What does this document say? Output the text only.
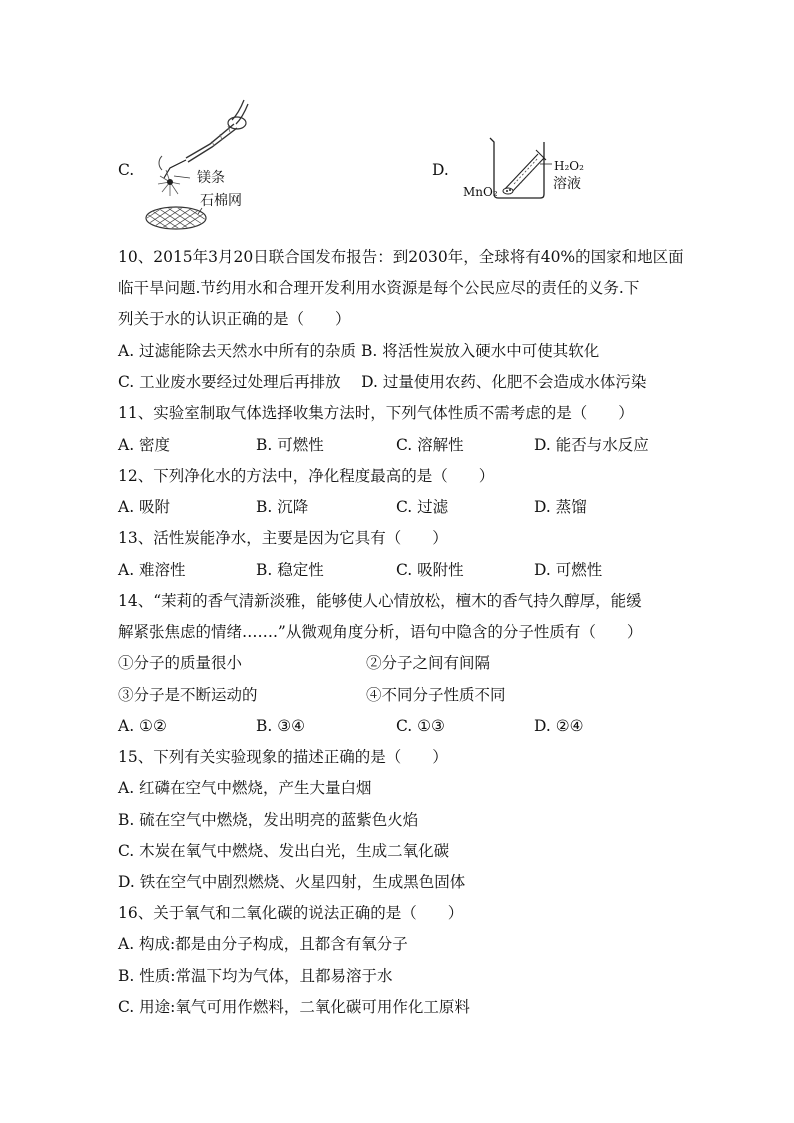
C.	镁条
石棉网
D.	H₂O₂
溶液
MnO₂
10、2015年3月20日联合国发布报告：到2030年，全球将有40%的国家和地区面
临干旱问题.节约用水和合理开发利用水资源是每个公民应尽的责任的义务.下
列关于水的认识正确的是（　　）
A. 过滤能除去天然水中所有的杂质 B. 将活性炭放入硬水中可使其软化
C. 工业废水要经过处理后再排放　 D. 过量使用农药、化肥不会造成水体污染
11、实验室制取气体选择收集方法时，下列气体性质不需考虑的是（　　）
A. 密度	B. 可燃性	C. 溶解性	D. 能否与水反应
12、下列净化水的方法中，净化程度最高的是（　　）
A. 吸附	B. 沉降	C. 过滤	D. 蒸馏
13、活性炭能净水，主要是因为它具有（　　）
A. 难溶性	B. 稳定性	C. 吸附性	D. 可燃性
14、“茉莉的香气清新淡雅，能够使人心情放松，檀木的香气持久醇厚，能缓
解紧张焦虑的情绪…….”从微观角度分析，语句中隐含的分子性质有（　　）
①分子的质量很小	②分子之间有间隔
③分子是不断运动的	④不同分子性质不同
A. ①②	B. ③④	C. ①③	D. ②④
15、下列有关实验现象的描述正确的是（　　）
A. 红磷在空气中燃烧，产生大量白烟
B. 硫在空气中燃烧，发出明亮的蓝紫色火焰
C. 木炭在氧气中燃烧、发出白光，生成二氧化碳
D. 铁在空气中剧烈燃烧、火星四射，生成黑色固体
16、关于氧气和二氧化碳的说法正确的是（　　）
A. 构成:都是由分子构成，且都含有氧分子
B. 性质:常温下均为气体，且都易溶于水
C. 用途:氧气可用作燃料，二氧化碳可用作化工原料
